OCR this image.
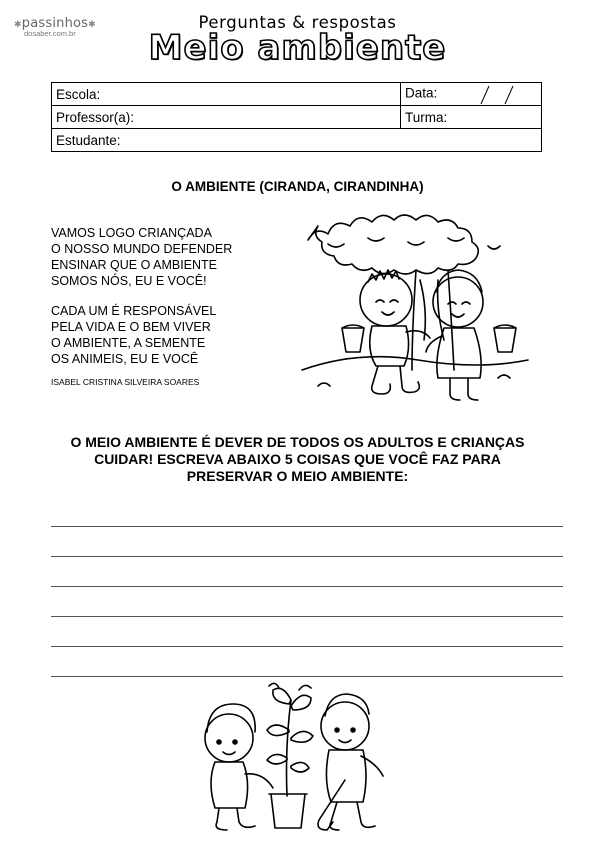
✱passinhos✱
dosaber.com.br
Perguntas & respostas
Meio ambiente
Escola:	Data:
Professor(a):	Turma:
Estudante:	
O AMBIENTE (CIRANDA, CIRANDINHA)

VAMOS LOGO CRIANÇADA

O NOSSO MUNDO DEFENDER

ENSINAR QUE O AMBIENTE

SOMOS NÓS, EU E VOCÊ!

CADA UM É RESPONSÁVEL

PELA VIDA E O BEM VIVER

O AMBIENTE, A SEMENTE

OS ANIMEIS, EU E VOCÊ

ISABEL CRISTINA SILVEIRA SOARES
O MEIO AMBIENTE É DEVER DE TODOS OS ADULTOS E CRIANÇAS CUIDAR! ESCREVA ABAIXO 5 COISAS QUE VOCÊ FAZ PARA PRESERVAR O MEIO AMBIENTE:
